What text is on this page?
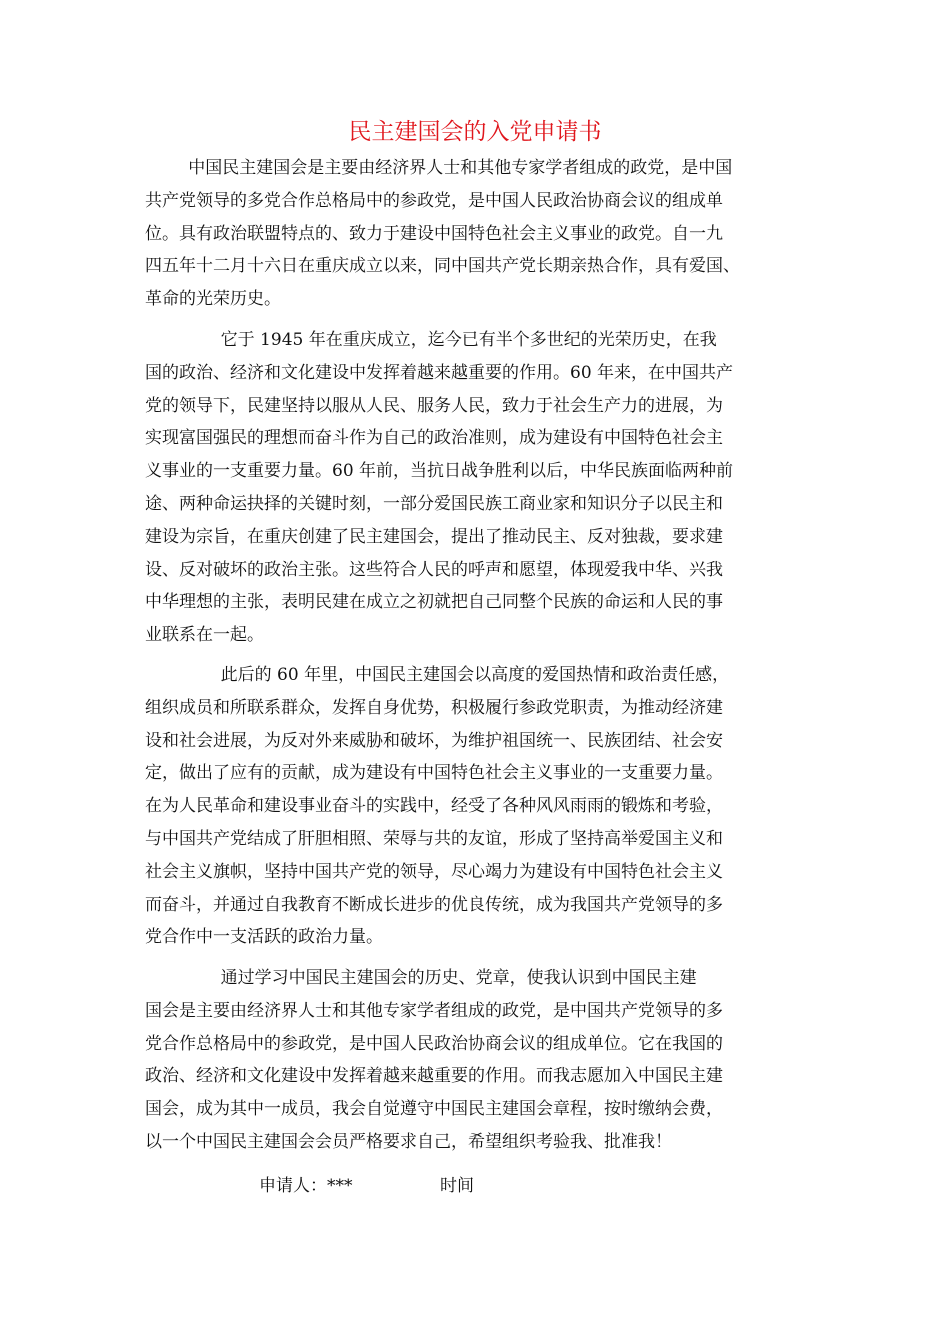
民主建国会的入党申请书

中国民主建国会是主要由经济界人士和其他专家学者组成的政党，是中国
共产党领导的多党合作总格局中的参政党，是中国人民政治协商会议的组成单
位。具有政治联盟特点的、致力于建设中国特色社会主义事业的政党。自一九
四五年十二月十六日在重庆成立以来，同中国共产党长期亲热合作，具有爱国、
革命的光荣历史。

它于 1945 年在重庆成立，迄今已有半个多世纪的光荣历史，在我
国的政治、经济和文化建设中发挥着越来越重要的作用。60 年来，在中国共产
党的领导下，民建坚持以服从人民、服务人民，致力于社会生产力的进展，为
实现富国强民的理想而奋斗作为自己的政治准则，成为建设有中国特色社会主
义事业的一支重要力量。60 年前，当抗日战争胜利以后，中华民族面临两种前
途、两种命运抉择的关键时刻，一部分爱国民族工商业家和知识分子以民主和
建设为宗旨，在重庆创建了民主建国会，提出了推动民主、反对独裁，要求建
设、反对破坏的政治主张。这些符合人民的呼声和愿望，体现爱我中华、兴我
中华理想的主张，表明民建在成立之初就把自己同整个民族的命运和人民的事
业联系在一起。

此后的 60 年里，中国民主建国会以高度的爱国热情和政治责任感，
组织成员和所联系群众，发挥自身优势，积极履行参政党职责，为推动经济建
设和社会进展，为反对外来威胁和破坏，为维护祖国统一、民族团结、社会安
定，做出了应有的贡献，成为建设有中国特色社会主义事业的一支重要力量。
在为人民革命和建设事业奋斗的实践中，经受了各种风风雨雨的锻炼和考验，
与中国共产党结成了肝胆相照、荣辱与共的友谊，形成了坚持高举爱国主义和
社会主义旗帜，坚持中国共产党的领导，尽心竭力为建设有中国特色社会主义
而奋斗，并通过自我教育不断成长进步的优良传统，成为我国共产党领导的多
党合作中一支活跃的政治力量。

通过学习中国民主建国会的历史、党章，使我认识到中国民主建
国会是主要由经济界人士和其他专家学者组成的政党，是中国共产党领导的多
党合作总格局中的参政党，是中国人民政治协商会议的组成单位。它在我国的
政治、经济和文化建设中发挥着越来越重要的作用。而我志愿加入中国民主建
国会，成为其中一成员，我会自觉遵守中国民主建国会章程，按时缴纳会费，
以一个中国民主建国会会员严格要求自己，希望组织考验我、批准我！

申请人：***	时间
